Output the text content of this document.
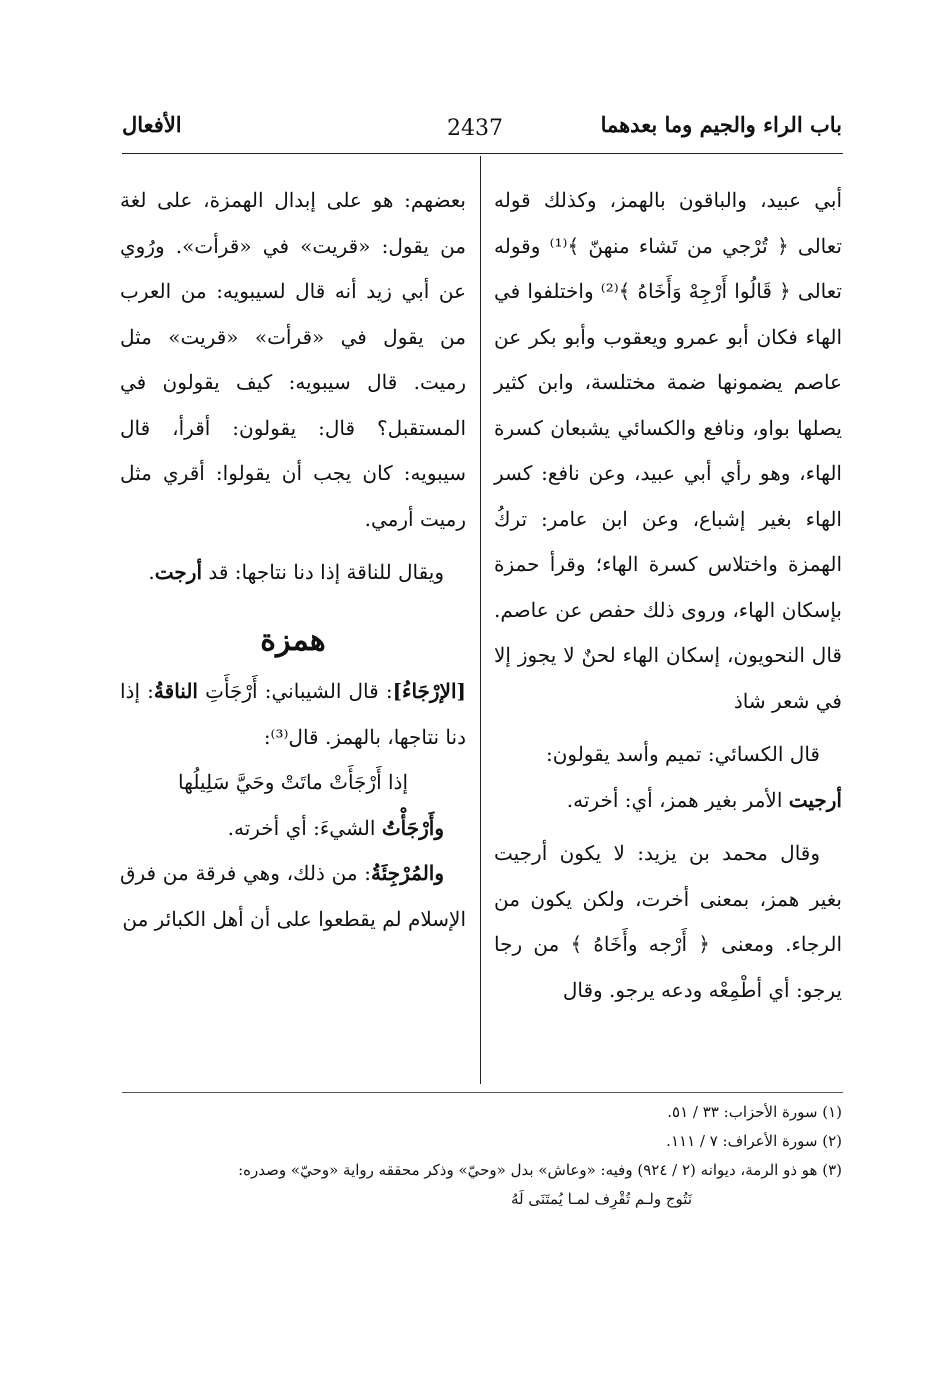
باب الراء والجيم وما بعدهما
2437
الأفعال

أبي عبيد، والباقون بالهمز، وكذلك قوله تعالى ﴿ تُرْجي من تَشاء منهنّ ﴾⁽¹⁾ وقوله تعالى ﴿ قَالُوا أَرْجِهْ وَأَخَاهُ ﴾⁽²⁾ واختلفوا في الهاء فكان أبو عمرو ويعقوب وأبو بكر عن عاصم يضمونها ضمة مختلسة، وابن كثير يصلها بواو، ونافع والكسائي يشبعان كسرة الهاء، وهو رأي أبي عبيد، وعن نافع: كسر الهاء بغير إشباع، وعن ابن عامر: تركُ الهمزة واختلاس كسرة الهاء؛ وقرأ حمزة بإسكان الهاء، وروى ذلك حفص عن عاصم. قال النحويون، إسكان الهاء لحنٌ لا يجوز إلا في شعر شاذ

قال الكسائي: تميم وأسد يقولون:

أرجيت الأمر بغير همز، أي: أخرته.

وقال محمد بن يزيد: لا يكون أرجيت بغير همز، بمعنى أخرت، ولكن يكون من الرجاء. ومعنى ﴿ أَرْجه وأَخَاهُ ﴾ من رجا يرجو: أي أطْمِعْه ودعه يرجو. وقال

بعضهم: هو على إبدال الهمزة، على لغة من يقول: «قريت» في «قرأت». ورُوي عن أبي زيد أنه قال لسيبويه: من العرب من يقول في «قرأت» «قريت» مثل رميت. قال سيبويه: كيف يقولون في المستقبل؟ قال: يقولون: أقرأ، قال سيبويه: كان يجب أن يقولوا: أقري مثل رميت أرمي.

ويقال للناقة إذا دنا نتاجها: قد أرجت.

همزة

[الإرْجَاءُ]: قال الشيباني: أَرْجَأَتِ الناقةُ: إذا دنا نتاجها، بالهمز. قال⁽³⁾:

إذا أَرْجَأَتْ ماتَتْ وحَيَّ سَلِيلُها

وأَرْجَأْتُ الشيءَ: أي أخرته.

والمُرْجِئَةُ: من ذلك، وهي فرقة من فرق الإسلام لم يقطعوا على أن أهل الكبائر من

(١) سورة الأحزاب: ٣٣ / ٥١.

(٢) سورة الأعراف: ٧ / ١١١.

(٣) هو ذو الرمة، ديوانه (٢ / ٩٢٤) وفيه: «وعاش» بدل «وحيّ» وذكر محققه رواية «وحيّ» وصدره:

نَتُوج ولـم تُقْرِف لمـا يُمتَنَى لَهُ
